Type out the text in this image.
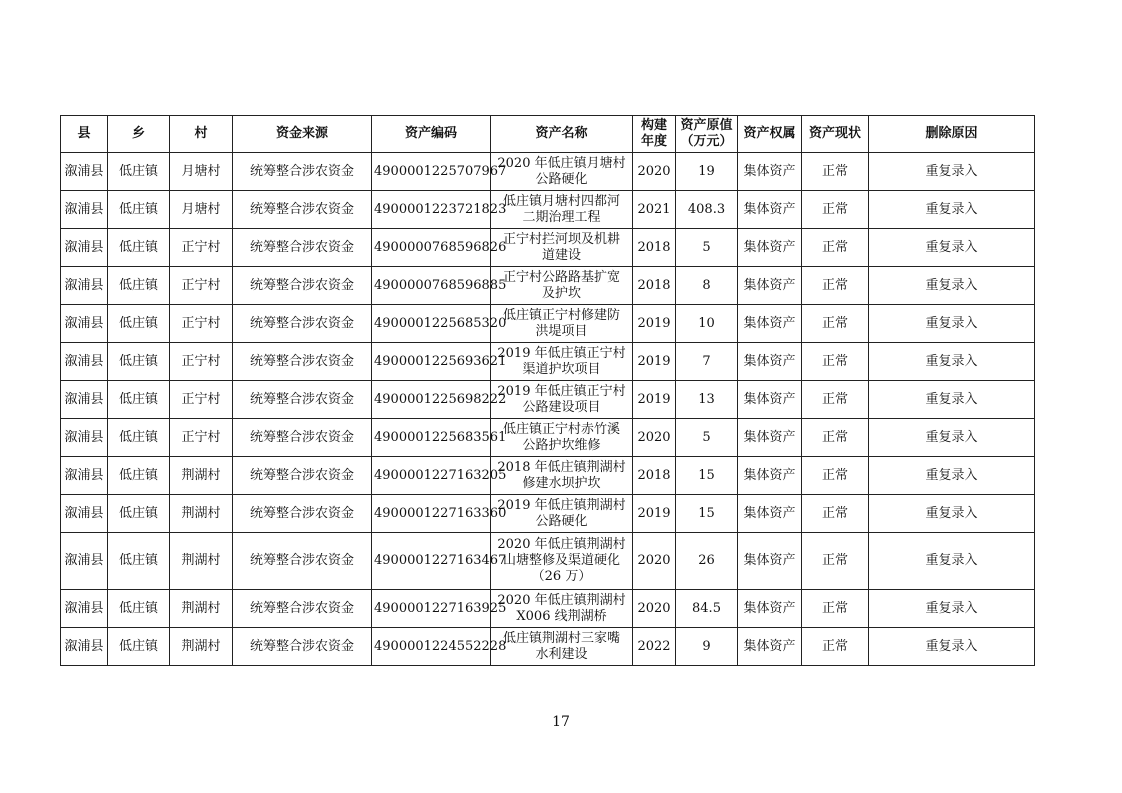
县	乡	村	资金来源	资产编码	资产名称	构建
年度	资产原值
（万元）	资产权属	资产现状	删除原因
溆浦县	低庄镇	月塘村	统筹整合涉农资金	4900001225707967	2020 年低庄镇月塘村
公路硬化	2020	19	集体资产	正常	重复录入
溆浦县	低庄镇	月塘村	统筹整合涉农资金	4900001223721823	低庄镇月塘村四都河
二期治理工程	2021	408.3	集体资产	正常	重复录入
溆浦县	低庄镇	正宁村	统筹整合涉农资金	4900000768596826	正宁村拦河坝及机耕
道建设	2018	5	集体资产	正常	重复录入
溆浦县	低庄镇	正宁村	统筹整合涉农资金	4900000768596885	正宁村公路路基扩宽
及护坎	2018	8	集体资产	正常	重复录入
溆浦县	低庄镇	正宁村	统筹整合涉农资金	4900001225685320	低庄镇正宁村修建防
洪堤项目	2019	10	集体资产	正常	重复录入
溆浦县	低庄镇	正宁村	统筹整合涉农资金	4900001225693621	2019 年低庄镇正宁村
渠道护坎项目	2019	7	集体资产	正常	重复录入
溆浦县	低庄镇	正宁村	统筹整合涉农资金	4900001225698222	2019 年低庄镇正宁村
公路建设项目	2019	13	集体资产	正常	重复录入
溆浦县	低庄镇	正宁村	统筹整合涉农资金	4900001225683561	低庄镇正宁村赤竹溪
公路护坎维修	2020	5	集体资产	正常	重复录入
溆浦县	低庄镇	荆湖村	统筹整合涉农资金	4900001227163205	2018 年低庄镇荆湖村
修建水坝护坎	2018	15	集体资产	正常	重复录入
溆浦县	低庄镇	荆湖村	统筹整合涉农资金	4900001227163360	2019 年低庄镇荆湖村
公路硬化	2019	15	集体资产	正常	重复录入
溆浦县	低庄镇	荆湖村	统筹整合涉农资金	4900001227163467	2020 年低庄镇荆湖村
山塘整修及渠道硬化
（26 万）	2020	26	集体资产	正常	重复录入
溆浦县	低庄镇	荆湖村	统筹整合涉农资金	4900001227163925	2020 年低庄镇荆湖村
X006 线荆湖桥	2020	84.5	集体资产	正常	重复录入
溆浦县	低庄镇	荆湖村	统筹整合涉农资金	4900001224552228	低庄镇荆湖村三家嘴
水利建设	2022	9	集体资产	正常	重复录入
17
